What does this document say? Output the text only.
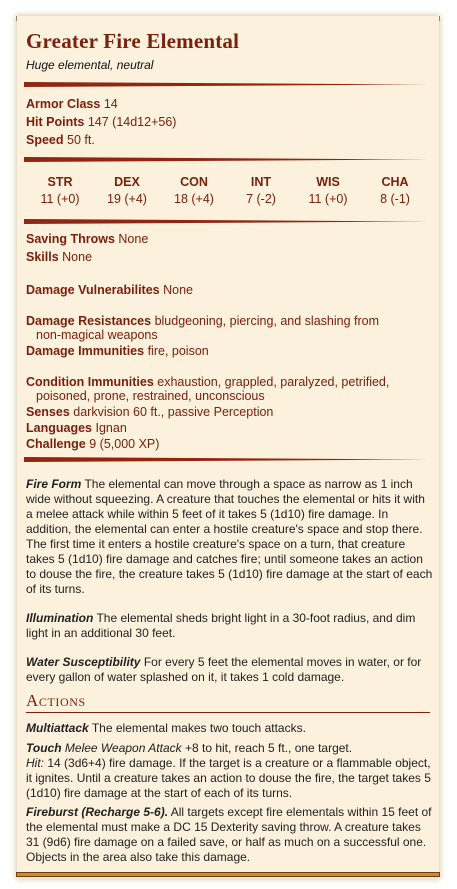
Greater Fire Elemental
Huge elemental, neutral
Armor Class 14
Hit Points 147 (14d12+56)
Speed 50 ft.
STR
11 (+0)
DEX
19 (+4)
CON
18 (+4)
INT
7 (-2)
WIS
11 (+0)
CHA
8 (-1)
Saving Throws None
Skills None
Damage Vulnerabilites None
Damage Resistances bludgeoning, piercing, and slashing from
non-magical weapons
Damage Immunities fire, poison
Condition Immunities exhaustion, grappled, paralyzed, petrified,
poisoned, prone, restrained, unconscious
Senses darkvision 60 ft., passive Perception
Languages Ignan
Challenge 9 (5,000 XP)
Fire Form The elemental can move through a space as narrow as 1 inch wide without squeezing. A creature that touches the elemental or hits it with a melee attack while within 5 feet of it takes 5 (1d10) fire damage. In addition, the elemental can enter a hostile creature's space and stop there. The first time it enters a hostile creature's space on a turn, that creature takes 5 (1d10) fire damage and catches fire; until someone takes an action to douse the fire, the creature takes 5 (1d10) fire damage at the start of each of its turns.
Illumination The elemental sheds bright light in a 30-foot radius, and dim light in an additional 30 feet.
Water Susceptibility For every 5 feet the elemental moves in water, or for every gallon of water splashed on it, it takes 1 cold damage.
Actions
Multiattack The elemental makes two touch attacks.
Touch Melee Weapon Attack +8 to hit, reach 5 ft., one target.
Hit: 14 (3d6+4) fire damage. If the target is a creature or a flammable object, it ignites. Until a creature takes an action to douse the fire, the target takes 5 (1d10) fire damage at the start of each of its turns.
Fireburst (Recharge 5-6). All targets except fire elementals within 15 feet of the elemental must make a DC 15 Dexterity saving throw. A creature takes 31 (9d6) fire damage on a failed save, or half as much on a successful one. Objects in the area also take this damage.
